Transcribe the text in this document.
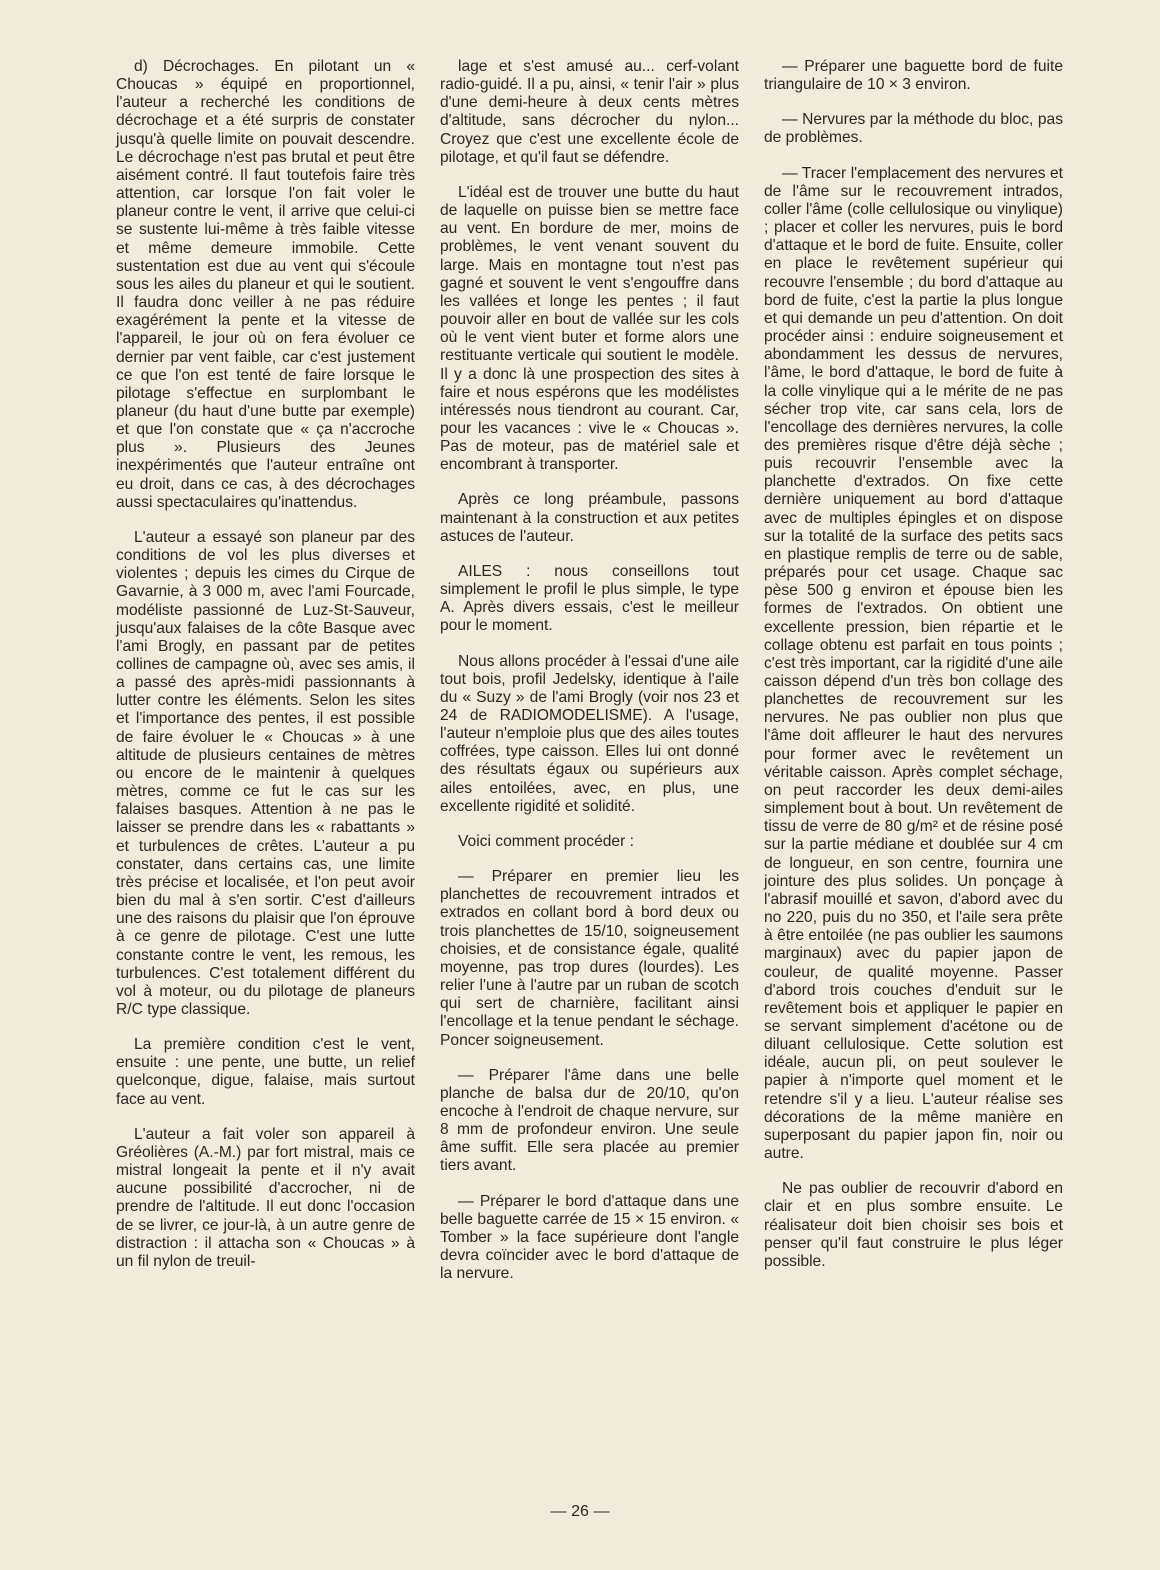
d) Décrochages. En pilotant un « Choucas » équipé en proportionnel, l'auteur a recherché les conditions de décrochage et a été surpris de constater jusqu'à quelle limite on pouvait descendre. Le décrochage n'est pas brutal et peut être aisément contré. Il faut toutefois faire très attention, car lorsque l'on fait voler le planeur contre le vent, il arrive que celui-ci se sustente lui-même à très faible vitesse et même demeure immobile. Cette sustentation est due au vent qui s'écoule sous les ailes du planeur et qui le soutient. Il faudra donc veiller à ne pas réduire exagérément la pente et la vitesse de l'appareil, le jour où on fera évoluer ce dernier par vent faible, car c'est justement ce que l'on est tenté de faire lorsque le pilotage s'effectue en surplombant le planeur (du haut d'une butte par exemple) et que l'on constate que « ça n'accroche plus ». Plusieurs des Jeunes inexpérimentés que l'auteur entraîne ont eu droit, dans ce cas, à des décrochages aussi spectaculaires qu'inattendus.

L'auteur a essayé son planeur par des conditions de vol les plus diverses et violentes ; depuis les cimes du Cirque de Gavarnie, à 3 000 m, avec l'ami Fourcade, modéliste passionné de Luz-St-Sauveur, jusqu'aux falaises de la côte Basque avec l'ami Brogly, en passant par de petites collines de campagne où, avec ses amis, il a passé des après-midi passionnants à lutter contre les éléments. Selon les sites et l'importance des pentes, il est possible de faire évoluer le « Choucas » à une altitude de plusieurs centaines de mètres ou encore de le maintenir à quelques mètres, comme ce fut le cas sur les falaises basques. Attention à ne pas le laisser se prendre dans les « rabattants » et turbulences de crêtes. L'auteur a pu constater, dans certains cas, une limite très précise et localisée, et l'on peut avoir bien du mal à s'en sortir. C'est d'ailleurs une des raisons du plaisir que l'on éprouve à ce genre de pilotage. C'est une lutte constante contre le vent, les remous, les turbulences. C'est totalement différent du vol à moteur, ou du pilotage de planeurs R/C type classique.

La première condition c'est le vent, ensuite : une pente, une butte, un relief quelconque, digue, falaise, mais surtout face au vent.

L'auteur a fait voler son appareil à Gréolières (A.-M.) par fort mistral, mais ce mistral longeait la pente et il n'y avait aucune possibilité d'accrocher, ni de prendre de l'altitude. Il eut donc l'occasion de se livrer, ce jour-là, à un autre genre de distraction : il attacha son « Choucas » à un fil nylon de treuil-

lage et s'est amusé au... cerf-volant radio-guidé. Il a pu, ainsi, « tenir l'air » plus d'une demi-heure à deux cents mètres d'altitude, sans décrocher du nylon... Croyez que c'est une excellente école de pilotage, et qu'il faut se défendre.

L'idéal est de trouver une butte du haut de laquelle on puisse bien se mettre face au vent. En bordure de mer, moins de problèmes, le vent venant souvent du large. Mais en montagne tout n'est pas gagné et souvent le vent s'engouffre dans les vallées et longe les pentes ; il faut pouvoir aller en bout de vallée sur les cols où le vent vient buter et forme alors une restituante verticale qui soutient le modèle. Il y a donc là une prospection des sites à faire et nous espérons que les modélistes intéressés nous tiendront au courant. Car, pour les vacances : vive le « Choucas ». Pas de moteur, pas de matériel sale et encombrant à transporter.

Après ce long préambule, passons maintenant à la construction et aux petites astuces de l'auteur.

AILES : nous conseillons tout simplement le profil le plus simple, le type A. Après divers essais, c'est le meilleur pour le moment.

Nous allons procéder à l'essai d'une aile tout bois, profil Jedelsky, identique à l'aile du « Suzy » de l'ami Brogly (voir nos 23 et 24 de RADIOMODELISME). A l'usage, l'auteur n'emploie plus que des ailes toutes coffrées, type caisson. Elles lui ont donné des résultats égaux ou supérieurs aux ailes entoilées, avec, en plus, une excellente rigidité et solidité.

Voici comment procéder :

— Préparer en premier lieu les planchettes de recouvrement intrados et extrados en collant bord à bord deux ou trois planchettes de 15/10, soigneusement choisies, et de consistance égale, qualité moyenne, pas trop dures (lourdes). Les relier l'une à l'autre par un ruban de scotch qui sert de charnière, facilitant ainsi l'encollage et la tenue pendant le séchage. Poncer soigneusement.

— Préparer l'âme dans une belle planche de balsa dur de 20/10, qu'on encoche à l'endroit de chaque nervure, sur 8 mm de profondeur environ. Une seule âme suffit. Elle sera placée au premier tiers avant.

— Préparer le bord d'attaque dans une belle baguette carrée de 15 × 15 environ. « Tomber » la face supérieure dont l'angle devra coïncider avec le bord d'attaque de la nervure.

— Préparer une baguette bord de fuite triangulaire de 10 × 3 environ.

— Nervures par la méthode du bloc, pas de problèmes.

— Tracer l'emplacement des nervures et de l'âme sur le recouvrement intrados, coller l'âme (colle cellulosique ou vinylique) ; placer et coller les nervures, puis le bord d'attaque et le bord de fuite. Ensuite, coller en place le revêtement supérieur qui recouvre l'ensemble ; du bord d'attaque au bord de fuite, c'est la partie la plus longue et qui demande un peu d'attention. On doit procéder ainsi : enduire soigneusement et abondamment les dessus de nervures, l'âme, le bord d'attaque, le bord de fuite à la colle vinylique qui a le mérite de ne pas sécher trop vite, car sans cela, lors de l'encollage des dernières nervures, la colle des premières risque d'être déjà sèche ; puis recouvrir l'ensemble avec la planchette d'extrados. On fixe cette dernière uniquement au bord d'attaque avec de multiples épingles et on dispose sur la totalité de la surface des petits sacs en plastique remplis de terre ou de sable, préparés pour cet usage. Chaque sac pèse 500 g environ et épouse bien les formes de l'extrados. On obtient une excellente pression, bien répartie et le collage obtenu est parfait en tous points ; c'est très important, car la rigidité d'une aile caisson dépend d'un très bon collage des planchettes de recouvrement sur les nervures. Ne pas oublier non plus que l'âme doit affleurer le haut des nervures pour former avec le revêtement un véritable caisson. Après complet séchage, on peut raccorder les deux demi-ailes simplement bout à bout. Un revêtement de tissu de verre de 80 g/m² et de résine posé sur la partie médiane et doublée sur 4 cm de longueur, en son centre, fournira une jointure des plus solides. Un ponçage à l'abrasif mouillé et savon, d'abord avec du no 220, puis du no 350, et l'aile sera prête à être entoilée (ne pas oublier les saumons marginaux) avec du papier japon de couleur, de qualité moyenne. Passer d'abord trois couches d'enduit sur le revêtement bois et appliquer le papier en se servant simplement d'acétone ou de diluant cellulosique. Cette solution est idéale, aucun pli, on peut soulever le papier à n'importe quel moment et le retendre s'il y a lieu. L'auteur réalise ses décorations de la même manière en superposant du papier japon fin, noir ou autre.

Ne pas oublier de recouvrir d'abord en clair et en plus sombre ensuite. Le réalisateur doit bien choisir ses bois et penser qu'il faut construire le plus léger possible.

— 26 —
